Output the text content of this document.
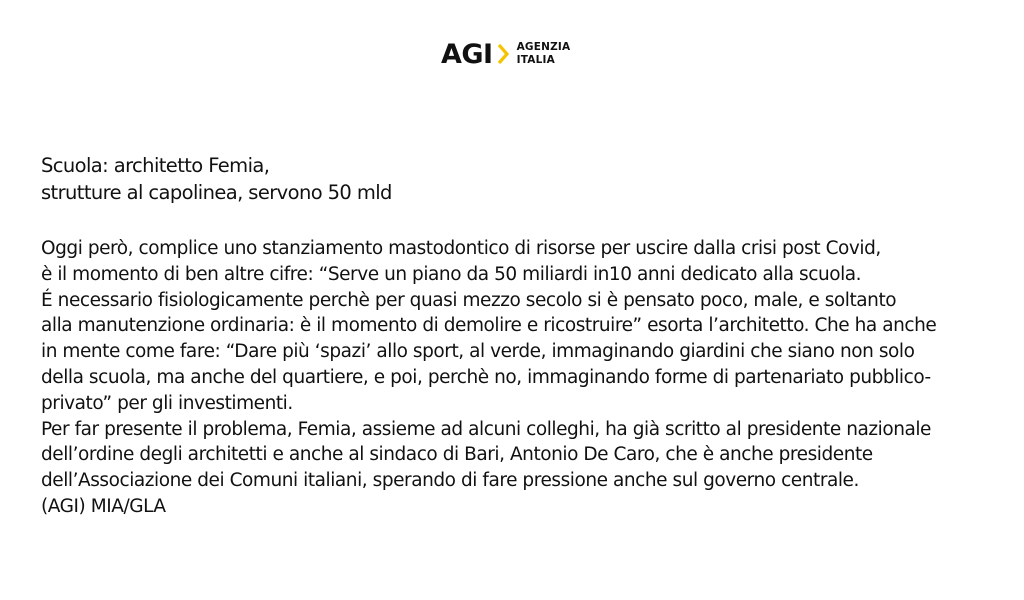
AGI AGENZIA
ITALIA
Scuola: architetto Femia,
strutture al capolinea, servono 50 mld
Oggi però, complice uno stanziamento mastodontico di risorse per uscire dalla crisi post Covid,
è il momento di ben altre cifre: “Serve un piano da 50 miliardi in10 anni dedicato alla scuola.
É necessario fisiologicamente perchè per quasi mezzo secolo si è pensato poco, male, e soltanto
alla manutenzione ordinaria: è il momento di demolire e ricostruire” esorta l’architetto. Che ha anche
in mente come fare: “Dare più ‘spazi’ allo sport, al verde, immaginando giardini che siano non solo
della scuola, ma anche del quartiere, e poi, perchè no, immaginando forme di partenariato pubblico-
privato” per gli investimenti.
Per far presente il problema, Femia, assieme ad alcuni colleghi, ha già scritto al presidente nazionale
dell’ordine degli architetti e anche al sindaco di Bari, Antonio De Caro, che è anche presidente
dell’Associazione dei Comuni italiani, sperando di fare pressione anche sul governo centrale.
(AGI) MIA/GLA
